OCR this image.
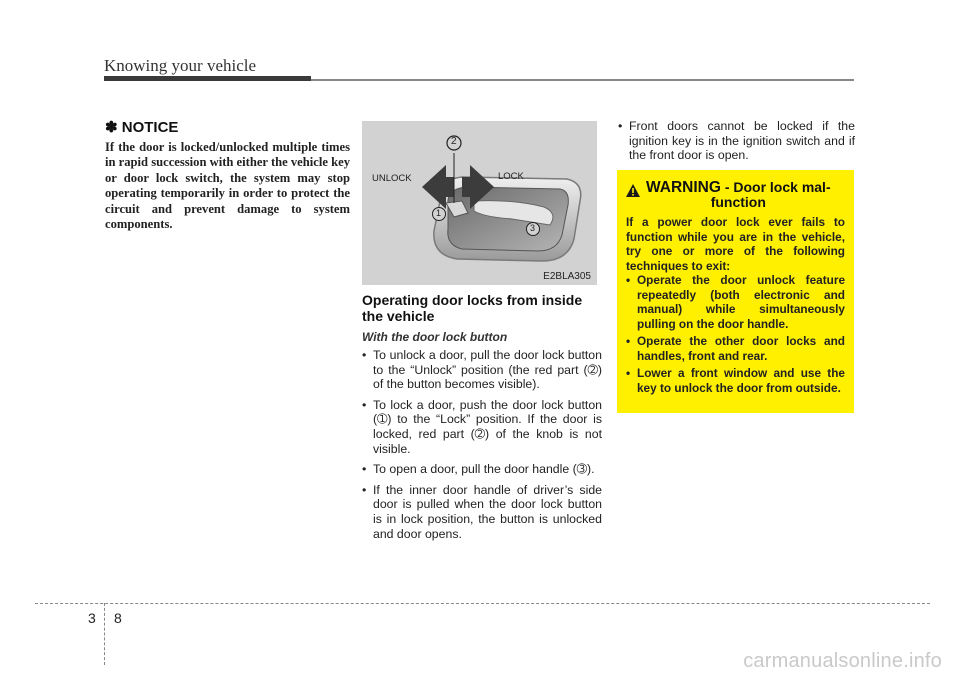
Knowing your vehicle
✽ NOTICE
If the door is locked/unlocked multiple times in rapid succession with either the vehicle key or door lock switch, the system may stop operating temporarily in order to protect the circuit and prevent damage to system components.
2
1
3
UNLOCK	LOCK
E2BLA305
Operating door locks from inside the vehicle
With the door lock button
• To unlock a door, pull the door lock button to the “Unlock” position (the red part (➁) of the button becomes visible).
• To lock a door, push the door lock button (➀) to the “Lock” position. If the door is locked, red part (➁) of the knob is not visible.
• To open a door, pull the door handle (➂).
• If the inner door handle of driver’s side door is pulled when the door lock button is in lock position, the button is unlocked and door opens.
• Front doors cannot be locked if the ignition key is in the ignition switch and if the front door is open.
WARNING - Door lock mal-
function
If a power door lock ever fails to function while you are in the vehicle, try one or more of the following techniques to exit:
• Operate the door unlock feature repeatedly (both electronic and manual) while simultaneously pulling on the door handle.
• Operate the other door locks and handles, front and rear.
• Lower a front window and use the key to unlock the door from outside.
3 8
carmanualsonline.info
